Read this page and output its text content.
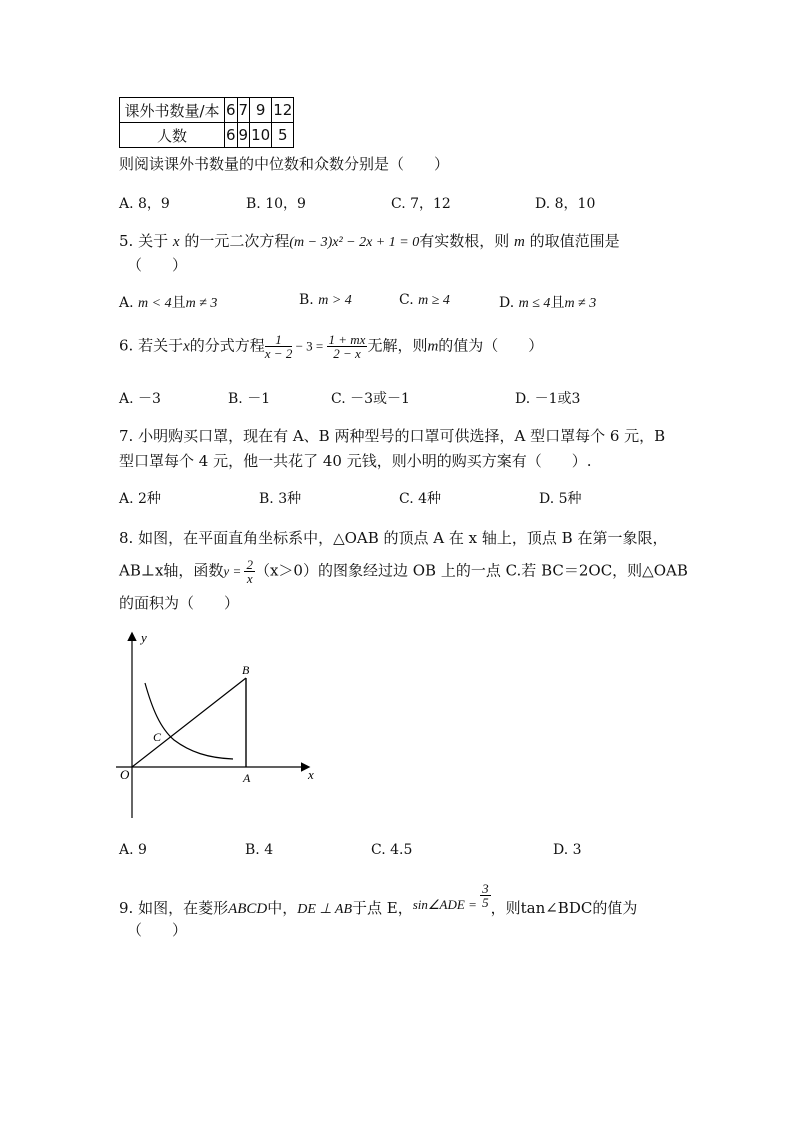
课外书数量/本	6	7	9	12
人数	6	9	10	5
则阅读课外书数量的中位数和众数分别是（　　）
A. 8，9	B. 10，9	C. 7，12	D. 8，10
5. 关于 x 的一元二次方程(m − 3)x² − 2x + 1 = 0有实数根，则 m 的取值范围是
（　　）
A. m < 4且m ≠ 3	B. m > 4	C. m ≥ 4	D. m ≤ 4且m ≠ 3
6. 若关于x的分式方程 $\frac{1}{x - 2} - 3 = \frac{1 + mx}{2 - x}$ 无解，则m的值为（　　）
A. －3	B. －1	C. －3或－1	D. －1或3
7. 小明购买口罩，现在有 A、B 两种型号的口罩可供选择，A 型口罩每个 6 元，B
型口罩每个 4 元，他一共花了 40 元钱，则小明的购买方案有（　　）.
A. 2种	B. 3种	C. 4种	D. 5种
8. 如图，在平面直角坐标系中，△OAB 的顶点 A 在 x 轴上，顶点 B 在第一象限，
AB⊥x轴，函数$y = \frac{2}{x} (x>0)$的图象经过边 OB 上的一点 C.若 BC＝2OC，则△OAB
的面积为（　　）
y
x
O	A
B
C
A. 9	B. 4	C. 4.5	D. 3
9. 如图，在菱形ABCD中，DE ⊥ AB于点 E，sin∠ADE = $\frac{3}{5}$ ，则tan∠BDC的值为
（　　）
